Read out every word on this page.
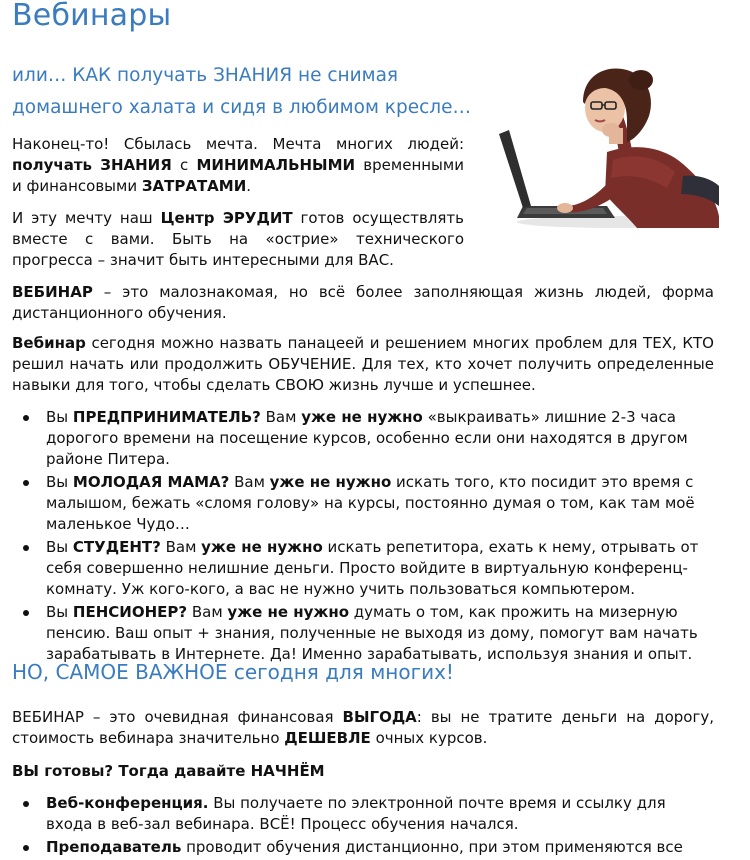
Вебинары
или… КАК получать ЗНАНИЯ не снимая
домашнего халата и сидя в любимом кресле…

Наконец-то! Сбылась мечта. Мечта многих людей: получать ЗНАНИЯ с МИНИМАЛЬНЫМИ временными и финансовыми ЗАТРАТАМИ.

И эту мечту наш Центр ЭРУДИТ готов осуществлять вместе с вами. Быть на «острие» технического прогресса – значит быть интересными для ВАС.

ВЕБИНАР – это малознакомая, но всё более заполняющая жизнь людей, форма дистанционного обучения.

Вебинар сегодня можно назвать панацеей и решением многих проблем для ТЕХ, КТО решил начать или продолжить ОБУЧЕНИЕ. Для тех, кто хочет получить определенные навыки для того, чтобы сделать СВОЮ жизнь лучше и успешнее.

Вы ПРЕДПРИНИМАТЕЛЬ? Вам уже не нужно «выкраивать» лишние 2-3 часа дорогого времени на посещение курсов, особенно если они находятся в другом районе Питера.
Вы МОЛОДАЯ МАМА? Вам уже не нужно искать того, кто посидит это время с малышом, бежать «сломя голову» на курсы, постоянно думая о том, как там моё маленькое Чудо…
Вы СТУДЕНТ? Вам уже не нужно искать репетитора, ехать к нему, отрывать от себя совершенно нелишние деньги. Просто войдите в виртуальную конференц-комнату. Уж кого-кого, а вас не нужно учить пользоваться компьютером.
Вы ПЕНСИОНЕР? Вам уже не нужно думать о том, как прожить на мизерную пенсию. Ваш опыт + знания, полученные не выходя из дому, помогут вам начать зарабатывать в Интернете. Да! Именно зарабатывать, используя знания и опыт.
НО, САМОЕ ВАЖНОЕ сегодня для многих!

ВЕБИНАР – это очевидная финансовая ВЫГОДА: вы не тратите деньги на дорогу, стоимость вебинара значительно ДЕШЕВЛЕ очных курсов.

ВЫ готовы? Тогда давайте НАЧНЁМ

Веб-конференция. Вы получаете по электронной почте время и ссылку для входа в веб-зал вебинара. ВСЁ! Процесс обучения начался.
Преподаватель проводит обучения дистанционно, при этом применяются все
